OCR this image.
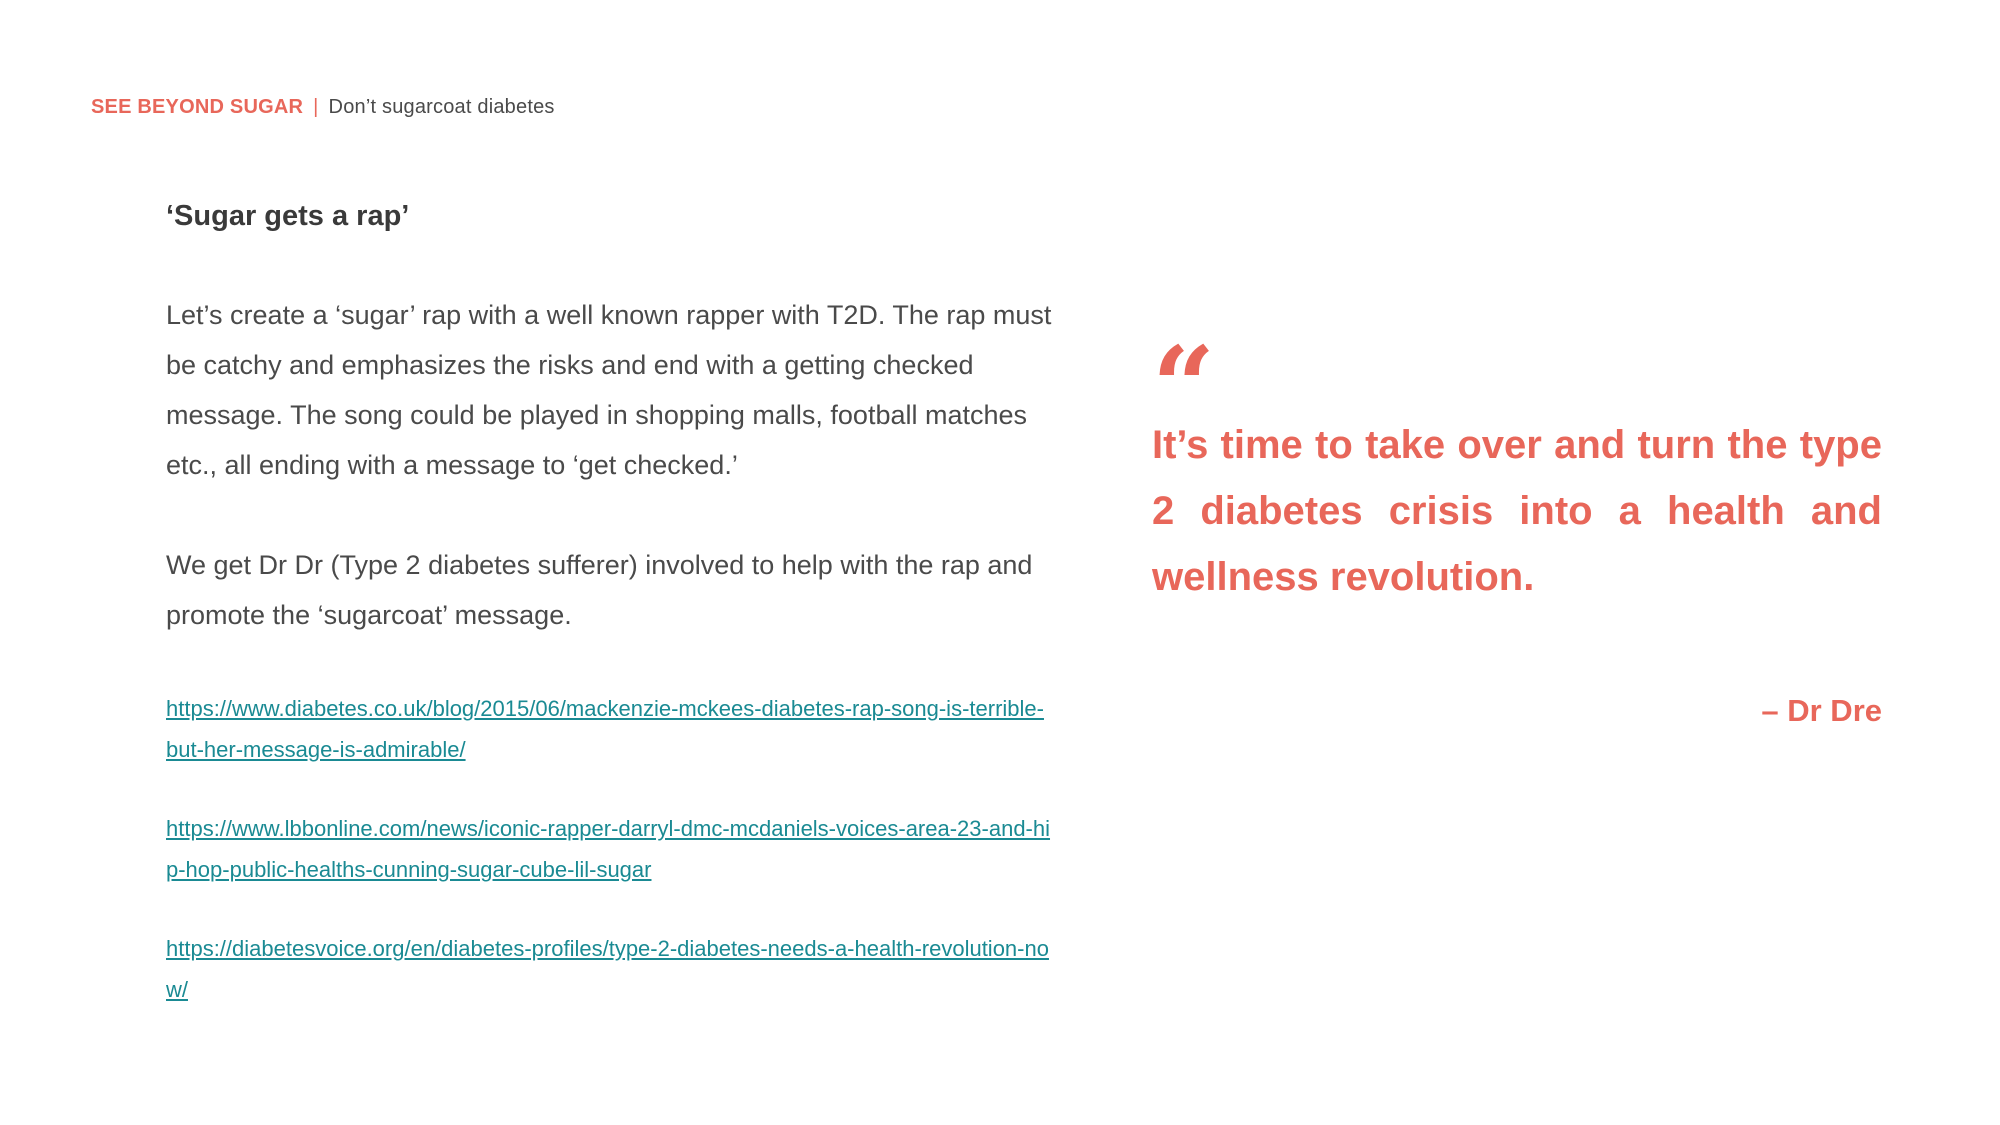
SEE BEYOND SUGAR | Don’t sugarcoat diabetes
‘Sugar gets a rap’

Let’s create a ‘sugar’ rap with a well known rapper with T2D. The rap must be catchy and emphasizes the risks and end with a getting checked message. The song could be played in shopping malls, football matches etc., all ending with a message to ‘get checked.’

We get Dr Dr (Type 2 diabetes sufferer) involved to help with the rap and promote the ‘sugarcoat’ message.

https://www.diabetes.co.uk/blog/2015/06/mackenzie-mckees-diabetes-rap-song-is-terrible-but-her-message-is-admirable/
https://www.lbbonline.com/news/iconic-rapper-darryl-dmc-mcdaniels-voices-area-23-and-hip-hop-public-healths-cunning-sugar-cube-lil-sugar
https://diabetesvoice.org/en/diabetes-profiles/type-2-diabetes-needs-a-health-revolution-now/
“
It’s time to take over and turn the type 2 diabetes crisis into a health and wellness revolution.
– Dr Dre
